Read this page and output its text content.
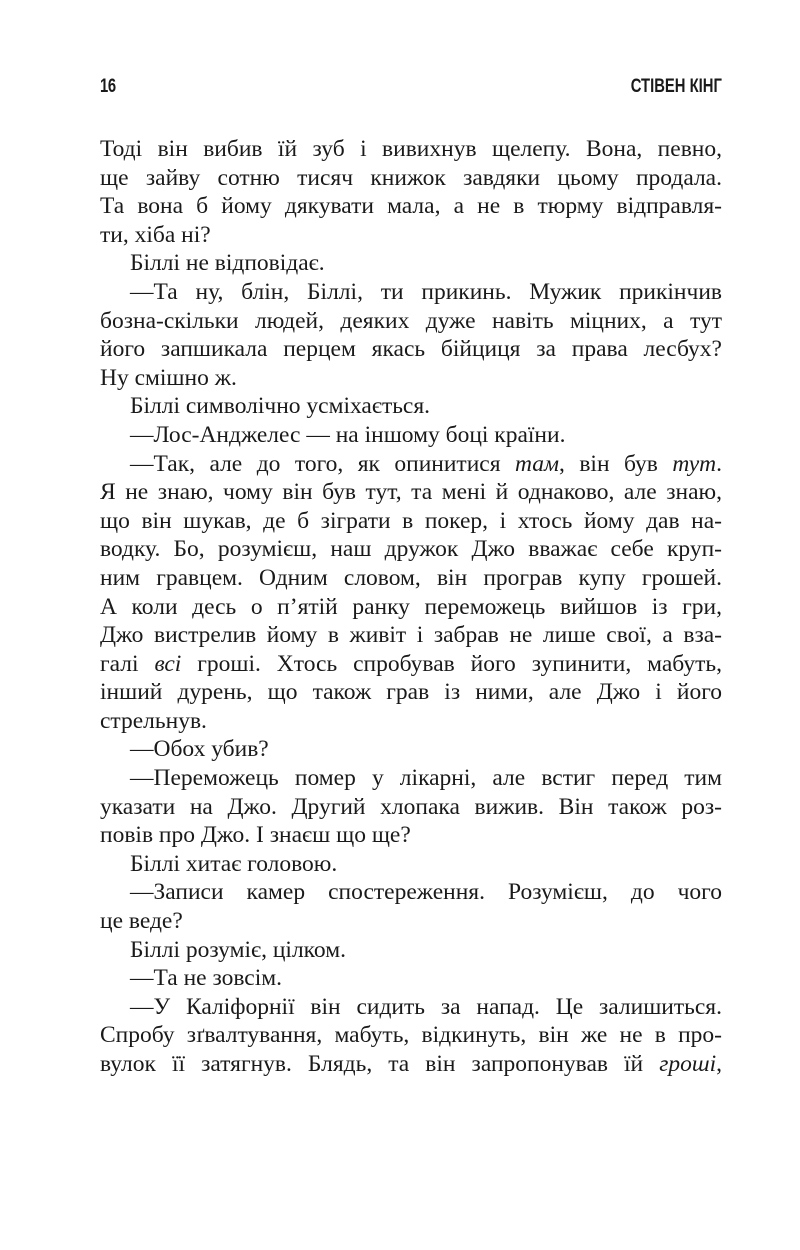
16	СТІВЕН КІНГ
Тоді він вибив їй зуб і вивихнув щелепу. Вона, певно,
ще зайву сотню тисяч книжок завдяки цьому продала.
Та вона б йому дякувати мала, а не в тюрму відправля-
ти, хіба ні?
Біллі не відповідає.
—Та ну, блін, Біллі, ти прикинь. Мужик прикінчив
бозна-скільки людей, деяких дуже навіть міцних, а тут
його запшикала перцем якась бійциця за права лесбух?
Ну смішно ж.
Біллі символічно усміхається.
—Лос-Анджелес — на іншому боці країни.
—Так, але до того, як опинитися там, він був тут.
Я не знаю, чому він був тут, та мені й однаково, але знаю,
що він шукав, де б зіграти в покер, і хтось йому дав на-
водку. Бо, розумієш, наш дружок Джо вважає себе круп-
ним гравцем. Одним словом, він програв купу грошей.
А коли десь о п’ятій ранку переможець вийшов із гри,
Джо вистрелив йому в живіт і забрав не лише свої, а вза-
галі всі гроші. Хтось спробував його зупинити, мабуть,
інший дурень, що також грав із ними, але Джо і його
стрельнув.
—Обох убив?
—Переможець помер у лікарні, але встиг перед тим
указати на Джо. Другий хлопака вижив. Він також роз-
повів про Джо. І знаєш що ще?
Біллі хитає головою.
—Записи камер спостереження. Розумієш, до чого
це веде?
Біллі розуміє, цілком.
—Та не зовсім.
—У Каліфорнії він сидить за напад. Це залишиться.
Спробу зґвалтування, мабуть, відкинуть, він же не в про-
вулок її затягнув. Блядь, та він запропонував їй гроші,
